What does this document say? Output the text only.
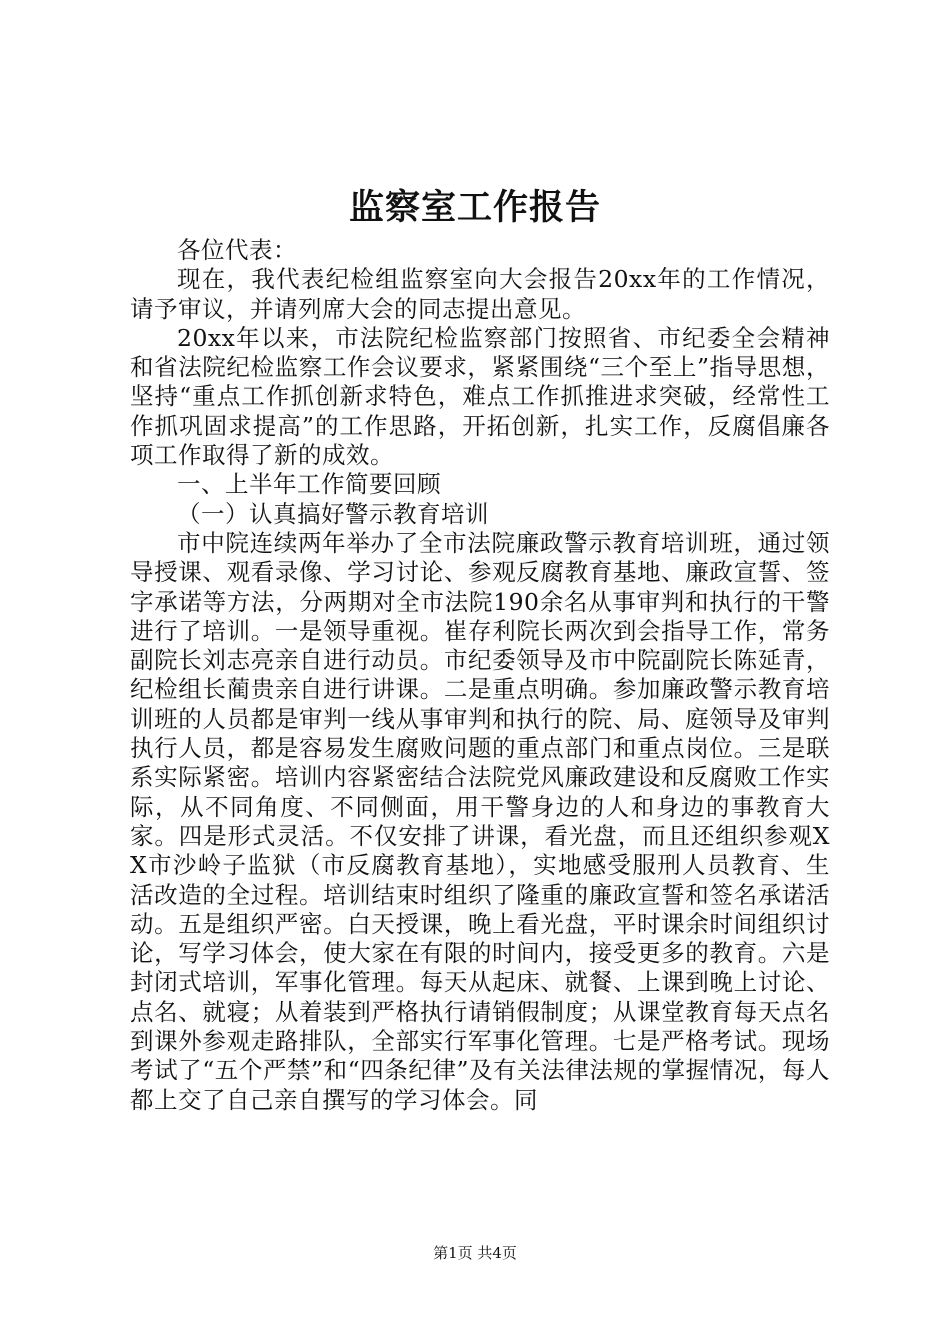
监察室工作报告

各位代表：

现在，我代表纪检组监察室向大会报告20xx年的工作情况，请予审议，并请列席大会的同志提出意见。

20xx年以来，市法院纪检监察部门按照省、市纪委全会精神和省法院纪检监察工作会议要求，紧紧围绕“三个至上”指导思想，坚持“重点工作抓创新求特色，难点工作抓推进求突破，经常性工作抓巩固求提高”的工作思路，开拓创新，扎实工作，反腐倡廉各项工作取得了新的成效。

一、上半年工作简要回顾

（一）认真搞好警示教育培训

市中院连续两年举办了全市法院廉政警示教育培训班，通过领导授课、观看录像、学习讨论、参观反腐教育基地、廉政宣誓、签字承诺等方法，分两期对全市法院190余名从事审判和执行的干警进行了培训。一是领导重视。崔存利院长两次到会指导工作，常务副院长刘志亮亲自进行动员。市纪委领导及市中院副院长陈延青，纪检组长蔺贵亲自进行讲课。二是重点明确。参加廉政警示教育培训班的人员都是审判一线从事审判和执行的院、局、庭领导及审判执行人员，都是容易发生腐败问题的重点部门和重点岗位。三是联系实际紧密。培训内容紧密结合法院党风廉政建设和反腐败工作实际，从不同角度、不同侧面，用干警身边的人和身边的事教育大家。四是形式灵活。不仅安排了讲课，看光盘，而且还组织参观XX市沙岭子监狱（市反腐教育基地），实地感受服刑人员教育、生活改造的全过程。培训结束时组织了隆重的廉政宣誓和签名承诺活动。五是组织严密。白天授课，晚上看光盘，平时课余时间组织讨论，写学习体会，使大家在有限的时间内，接受更多的教育。六是封闭式培训，军事化管理。每天从起床、就餐、上课到晚上讨论、点名、就寝；从着装到严格执行请销假制度；从课堂教育每天点名到课外参观走路排队，全部实行军事化管理。七是严格考试。现场考试了“五个严禁”和“四条纪律”及有关法律法规的掌握情况，每人都上交了自己亲自撰写的学习体会。同

第1页 共4页
